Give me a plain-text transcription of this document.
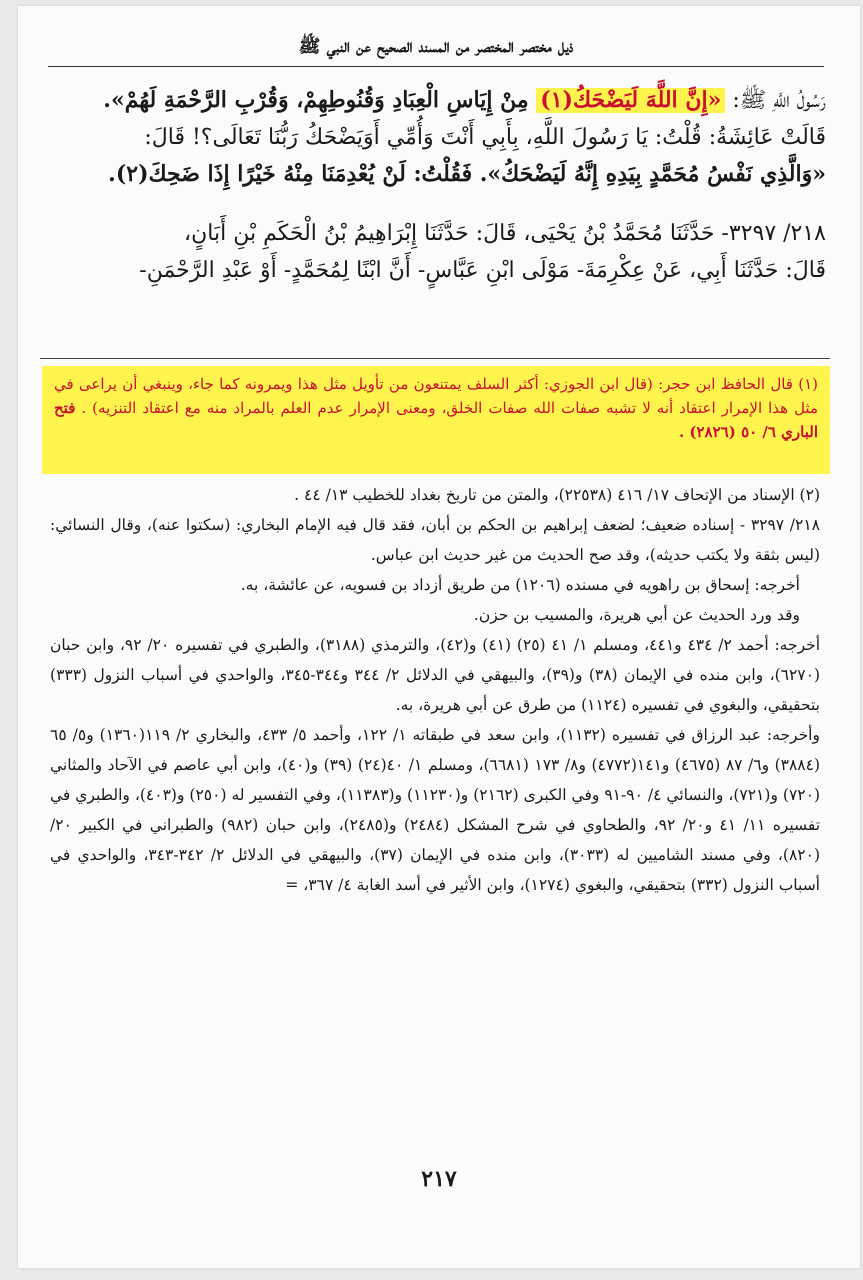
ذيل مختصر المختصر من المسند الصحيح عن النبي ﷺ

رَسُولُ اللَّهِ ﷺ: «إِنَّ اللَّهَ لَيَضْحَكُ(١) مِنْ إِيَاسِ الْعِبَادِ وَقُنُوطِهِمْ، وَقُرْبِ الرَّحْمَةِ لَهُمْ».

قَالَتْ عَائِشَةُ: قُلْتُ: يَا رَسُولَ اللَّهِ، بِأَبِي أَنْتَ وَأُمِّي أَوَيَضْحَكُ رَبُّنَا تَعَالَى؟! قَالَ:

«وَالَّذِي نَفْسُ مُحَمَّدٍ بِيَدِهِ إِنَّهُ لَيَضْحَكُ». فَقُلْتُ: لَنْ يُعْدِمَنَا مِنْهُ خَيْرًا إِذَا ضَحِكَ(٢).

٢١٨/ ٣٢٩٧- حَدَّثَنَا مُحَمَّدُ بْنُ يَحْيَى، قَالَ: حَدَّثَنَا إِبْرَاهِيمُ بْنُ الْحَكَمِ بْنِ أَبَانٍ،

قَالَ: حَدَّثَنَا أَبِي، عَنْ عِكْرِمَةَ- مَوْلَى ابْنِ عَبَّاسٍ- أَنَّ ابْنًا لِمُحَمَّدٍ- أَوْ عَبْدِ الرَّحْمَنِ-

(١) قال الحافظ ابن حجر: (قال ابن الجوزي: أكثر السلف يمتنعون من تأويل مثل هذا ويمرونه كما جاء، وينبغي أن يراعى في مثل هذا الإمرار اعتقاد أنه لا تشبه صفات الله صفات الخلق، ومعنى الإمرار عدم العلم بالمراد منه مع اعتقاد التنزيه) . فتح الباري ٦/ ٥٠ (٢٨٢٦) .

(٢) الإسناد من الإتحاف ١٧/ ٤١٦ (٢٢٥٣٨)، والمتن من تاريخ بغداد للخطيب ١٣/ ٤٤ .

٢١٨/ ٣٢٩٧ - إسناده ضعيف؛ لضعف إبراهيم بن الحكم بن أبان، فقد قال فيه الإمام البخاري: (سكتوا عنه)، وقال النسائي: (ليس بثقة ولا يكتب حديثه)، وقد صح الحديث من غير حديث ابن عباس.

أخرجه: إسحاق بن راهويه في مسنده (١٢٠٦) من طريق أزداد بن فسويه، عن عائشة، به.

وقد ورد الحديث عن أبي هريرة، والمسيب بن حزن.

أخرجه: أحمد ٢/ ٤٣٤ و٤٤١، ومسلم ١/ ٤١ (٢٥) (٤١) و(٤٢)، والترمذي (٣١٨٨)، والطبري في تفسيره ٢٠/ ٩٢، وابن حبان (٦٢٧٠)، وابن منده في الإيمان (٣٨) و(٣٩)، والبيهقي في الدلائل ٢/ ٣٤٤ و٣٤٤-٣٤٥، والواحدي في أسباب النزول (٣٣٣) بتحقيقي، والبغوي في تفسيره (١١٢٤) من طرق عن أبي هريرة، به.

وأخرجه: عبد الرزاق في تفسيره (١١٣٢)، وابن سعد في طبقاته ١/ ١٢٢، وأحمد ٥/ ٤٣٣، والبخاري ٢/ ١١٩(١٣٦٠) و٥/ ٦٥ (٣٨٨٤) و٦/ ٨٧ (٤٦٧٥) و١٤١(٤٧٧٢) و٨/ ١٧٣ (٦٦٨١)، ومسلم ١/ ٤٠(٢٤) (٣٩) و(٤٠)، وابن أبي عاصم في الآحاد والمثاني (٧٢٠) و(٧٢١)، والنسائي ٤/ ٩٠-٩١ وفي الكبرى (٢١٦٢) و(١١٢٣٠) و(١١٣٨٣)، وفي التفسير له (٢٥٠) و(٤٠٣)، والطبري في تفسيره ١١/ ٤١ و٢٠/ ٩٢، والطحاوي في شرح المشكل (٢٤٨٤) و(٢٤٨٥)، وابن حبان (٩٨٢) والطبراني في الكبير ٢٠/ (٨٢٠)، وفي مسند الشاميين له (٣٠٣٣)، وابن منده في الإيمان (٣٧)، والبيهقي في الدلائل ٢/ ٣٤٢-٣٤٣، والواحدي في أسباب النزول (٣٣٢) بتحقيقي، والبغوي (١٢٧٤)، وابن الأثير في أسد الغابة ٤/ ٣٦٧، =

٢١٧
